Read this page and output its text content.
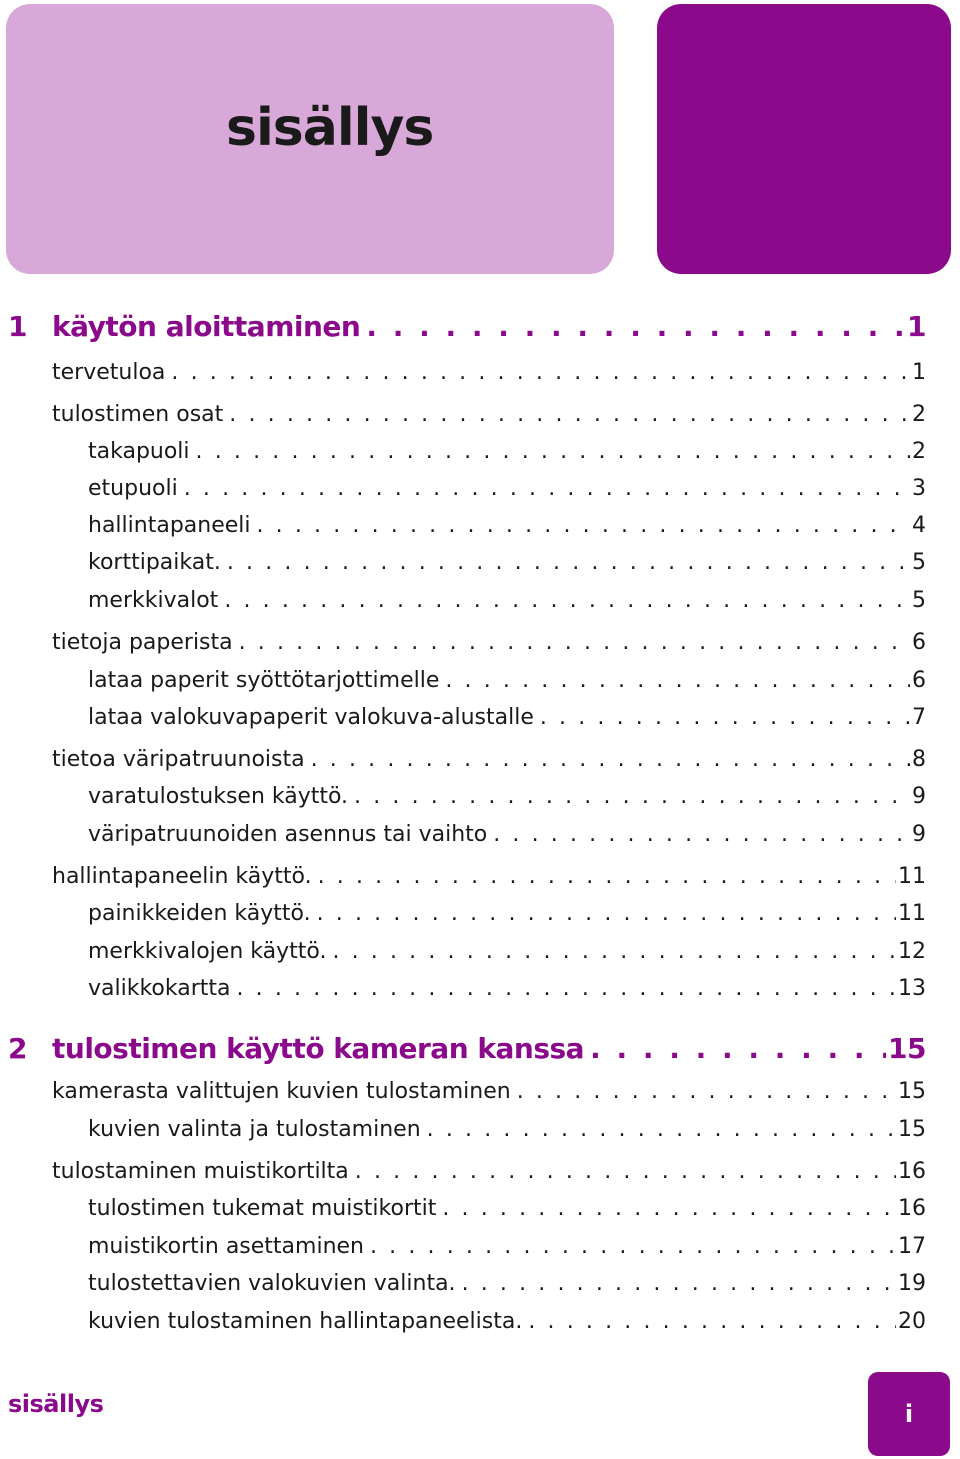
sisällys
1 käytön aloittaminen . . .	1
tervetuloa . . .	1
tulostimen osat . . .	2
takapuoli . . .	2
etupuoli . . .	3
hallintapaneeli . . .	4
korttipaikat. . . .	5
merkkivalot . . .	5
tietoja paperista . . .	6
lataa paperit syöttötarjottimelle . . .	6
lataa valokuvapaperit valokuva-alustalle . . .	7
tietoa väripatruunoista . . .	8
varatulostuksen käyttö. . . .	9
väripatruunoiden asennus tai vaihto . . .	9
hallintapaneelin käyttö. . . .	11
painikkeiden käyttö. . . .	11
merkkivalojen käyttö. . . .	12
valikkokartta . . .	13
2 tulostimen käyttö kameran kanssa . . .	15
kamerasta valittujen kuvien tulostaminen . . .	15
kuvien valinta ja tulostaminen . . .	15
tulostaminen muistikortilta . . .	16
tulostimen tukemat muistikortit . . .	16
muistikortin asettaminen . . .	17
tulostettavien valokuvien valinta. . . .	19
kuvien tulostaminen hallintapaneelista. . . .	20
sisällys	i
